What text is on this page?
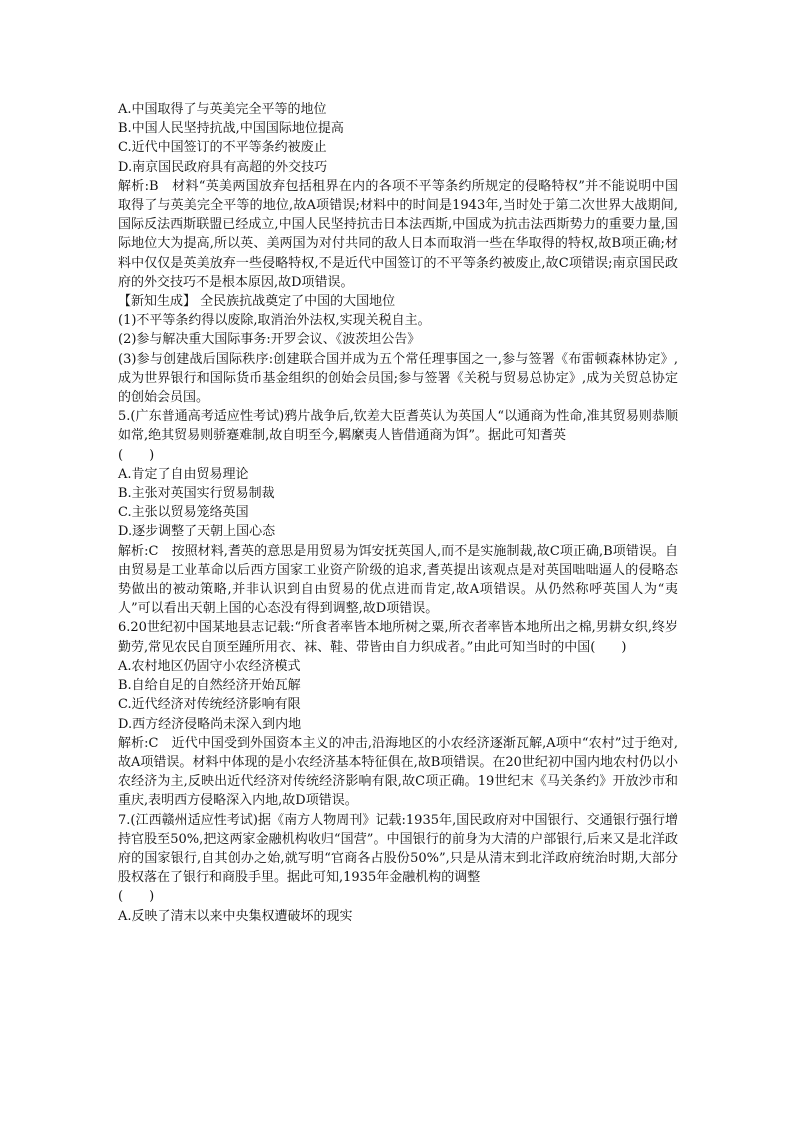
A.中国取得了与英美完全平等的地位

B.中国人民坚持抗战,中国国际地位提高

C.近代中国签订的不平等条约被废止

D.南京国民政府具有高超的外交技巧

解析:B　材料“英美两国放弃包括租界在内的各项不平等条约所规定的侵略特权”并不能说明中国取得了与英美完全平等的地位,故A项错误;材料中的时间是1943年,当时处于第二次世界大战期间,国际反法西斯联盟已经成立,中国人民坚持抗击日本法西斯,中国成为抗击法西斯势力的重要力量,国际地位大为提高,所以英、美两国为对付共同的敌人日本而取消一些在华取得的特权,故B项正确;材料中仅仅是英美放弃一些侵略特权,不是近代中国签订的不平等条约被废止,故C项错误;南京国民政府的外交技巧不是根本原因,故D项错误。

【新知生成】 全民族抗战奠定了中国的大国地位

(1)不平等条约得以废除,取消治外法权,实现关税自主。

(2)参与解决重大国际事务:开罗会议、《波茨坦公告》

(3)参与创建战后国际秩序:创建联合国并成为五个常任理事国之一,参与签署《布雷顿森林协定》,成为世界银行和国际货币基金组织的创始会员国;参与签署《关税与贸易总协定》,成为关贸总协定的创始会员国。

5.(广东普通高考适应性考试)鸦片战争后,钦差大臣耆英认为英国人“以通商为性命,准其贸易则恭顺如常,绝其贸易则骄蹇难制,故自明至今,羁縻夷人皆借通商为饵”。据此可知耆英

(　　)

A.肯定了自由贸易理论

B.主张对英国实行贸易制裁

C.主张以贸易笼络英国

D.逐步调整了天朝上国心态

解析:C　按照材料,耆英的意思是用贸易为饵安抚英国人,而不是实施制裁,故C项正确,B项错误。自由贸易是工业革命以后西方国家工业资产阶级的追求,耆英提出该观点是对英国咄咄逼人的侵略态势做出的被动策略,并非认识到自由贸易的优点进而肯定,故A项错误。从仍然称呼英国人为“夷人”可以看出天朝上国的心态没有得到调整,故D项错误。

6.20世纪初中国某地县志记载:“所食者率皆本地所树之粟,所衣者率皆本地所出之棉,男耕女织,终岁勤劳,常见农民自顶至踵所用衣、袜、鞋、带皆由自力织成者。”由此可知当时的中国(　　)

A.农村地区仍固守小农经济模式

B.自给自足的自然经济开始瓦解

C.近代经济对传统经济影响有限

D.西方经济侵略尚未深入到内地

解析:C　近代中国受到外国资本主义的冲击,沿海地区的小农经济逐渐瓦解,A项中“农村”过于绝对,故A项错误。材料中体现的是小农经济基本特征俱在,故B项错误。在20世纪初中国内地农村仍以小农经济为主,反映出近代经济对传统经济影响有限,故C项正确。19世纪末《马关条约》开放沙市和重庆,表明西方侵略深入内地,故D项错误。

7.(江西赣州适应性考试)据《南方人物周刊》记载:1935年,国民政府对中国银行、交通银行强行增持官股至50%,把这两家金融机构收归“国营”。中国银行的前身为大清的户部银行,后来又是北洋政府的国家银行,自其创办之始,就写明“官商各占股份50%”,只是从清末到北洋政府统治时期,大部分股权落在了银行和商股手里。据此可知,1935年金融机构的调整

(　　)

A.反映了清末以来中央集权遭破坏的现实
